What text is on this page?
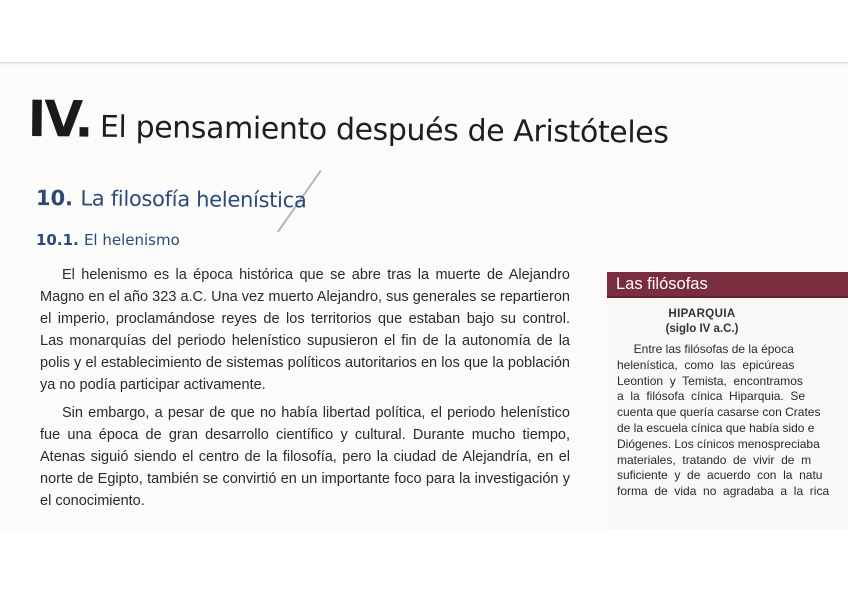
IV. El pensamiento después de Aristóteles
10. La filosofía helenística
10.1. El helenismo

El helenismo es la época histórica que se abre tras la muerte de Alejandro Magno en el año 323 a.C. Una vez muerto Alejandro, sus generales se repartieron el imperio, proclamándose reyes de los territorios que estaban bajo su control. Las monarquías del periodo helenístico supusieron el fin de la autonomía de la polis y el establecimiento de sistemas políticos autoritarios en los que la población ya no podía participar activamente.

Sin embargo, a pesar de que no había libertad política, el periodo helenístico fue una época de gran desarrollo científico y cultural. Durante mucho tiempo, Atenas siguió siendo el centro de la filosofía, pero la ciudad de Alejandría, en el norte de Egipto, también se convirtió en un importante foco para la investigación y el conocimiento.

Las filósofas
HIPARQUIA
(siglo IV a.C.)
Entre las filósofas de la época
helenística,  como  las  epicúreas
Leontion  y  Temista,  encontramos
a  la  filósofa  cínica  Hiparquia.  Se
cuenta que quería casarse con Crates
de la escuela cínica que había sido e
Diógenes. Los cínicos menospreciaba
materiales,  tratando  de  vivir  de  m
suficiente  y  de  acuerdo  con  la  natu
forma  de  vida  no  agradaba  a  la  rica
